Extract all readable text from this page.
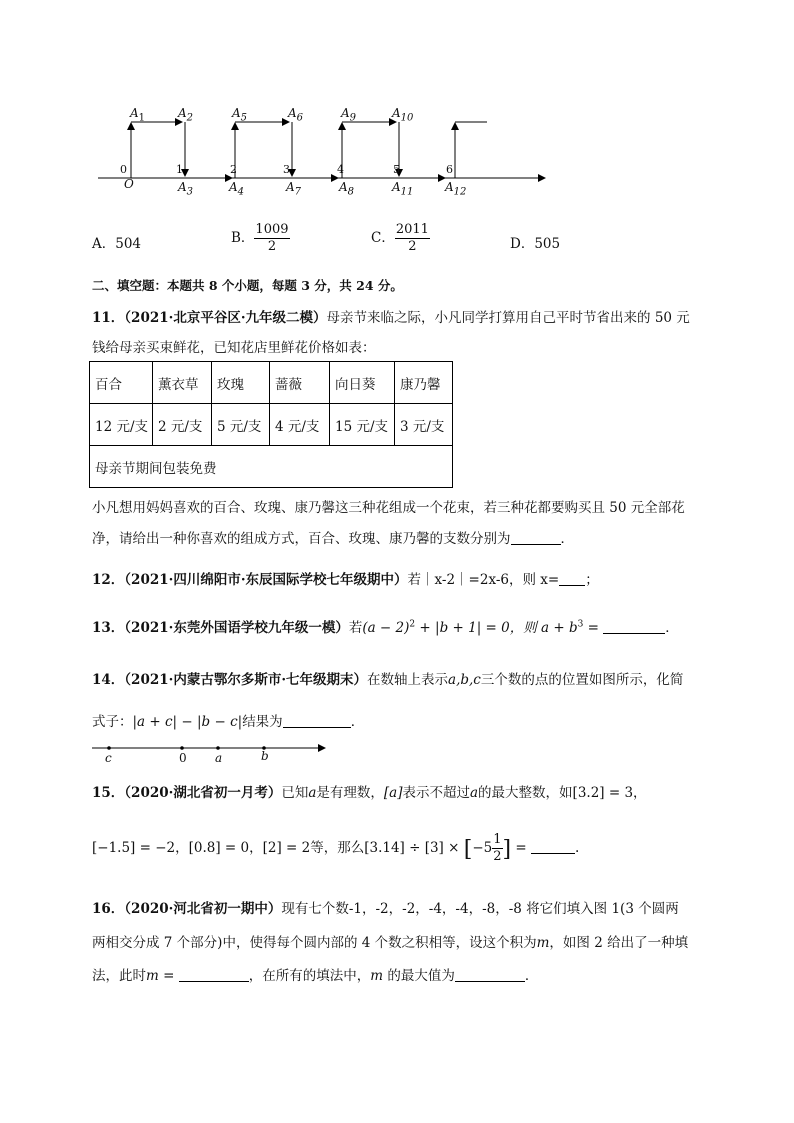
$A_1$	$A_2$	$A_5$	$A_6$	$A_9$	$A_{10}$
0	1	2	3	4	5	6
O	$A_3$	$A_4$	$A_7$	$A_8$	$A_{11}$	$A_{12}$
A．504	B． $\frac{1009}{2}$	C． $\frac{2011}{2}$	D．505
二、填空题：本题共 8 个小题，每题 3 分，共 24 分。
11．（2021·北京平谷区·九年级二模）母亲节来临之际，小凡同学打算用自己平时节省出来的 50 元
钱给母亲买束鲜花，已知花店里鲜花价格如表：
百合	薰衣草	玫瑰	蔷薇	向日葵	康乃馨
12 元/支	2 元/支	5 元/支	4 元/支	15 元/支	3 元/支
母亲节期间包装免费					
小凡想用妈妈喜欢的百合、玫瑰、康乃馨这三种花组成一个花束，若三种花都要购买且 50 元全部花
净，请给出一种你喜欢的组成方式，百合、玫瑰、康乃馨的支数分别为	．
12．（2021·四川绵阳市·东辰国际学校七年级期中）若｜x-2｜=2x-6，则 x= ；
13．（2021·东莞外国语学校九年级一模）若$(a - 2)^2 + |b + 1| = 0$，则 $a + b^3$ =	．
14．（2021·内蒙古鄂尔多斯市·七年级期末）在数轴上表示a,b,c三个数的点的位置如图所示，化简
式子：|a + c| − |b − c|结果为	．
c	0 a	b
15．（2020·湖北省初一月考）已知a是有理数，[a]表示不超过a的最大整数，如[3.2] = 3，
[−1.5] = −2，[0.8] = 0，[2] = 2等，那么$[3.14] \div [3] \times [-5 \frac{1}{2}$ ] =	.
16．（2020·河北省初一期中）现有七个数-1，-2，-2，-4，-4，-8，-8 将它们填入图 1(3 个圆两
两相交分成 7 个部分)中，使得每个圆内部的 4 个数之积相等，设这个积为m，如图 2 给出了一种填
法，此时m =	，在所有的填法中，m 的最大值为	．
